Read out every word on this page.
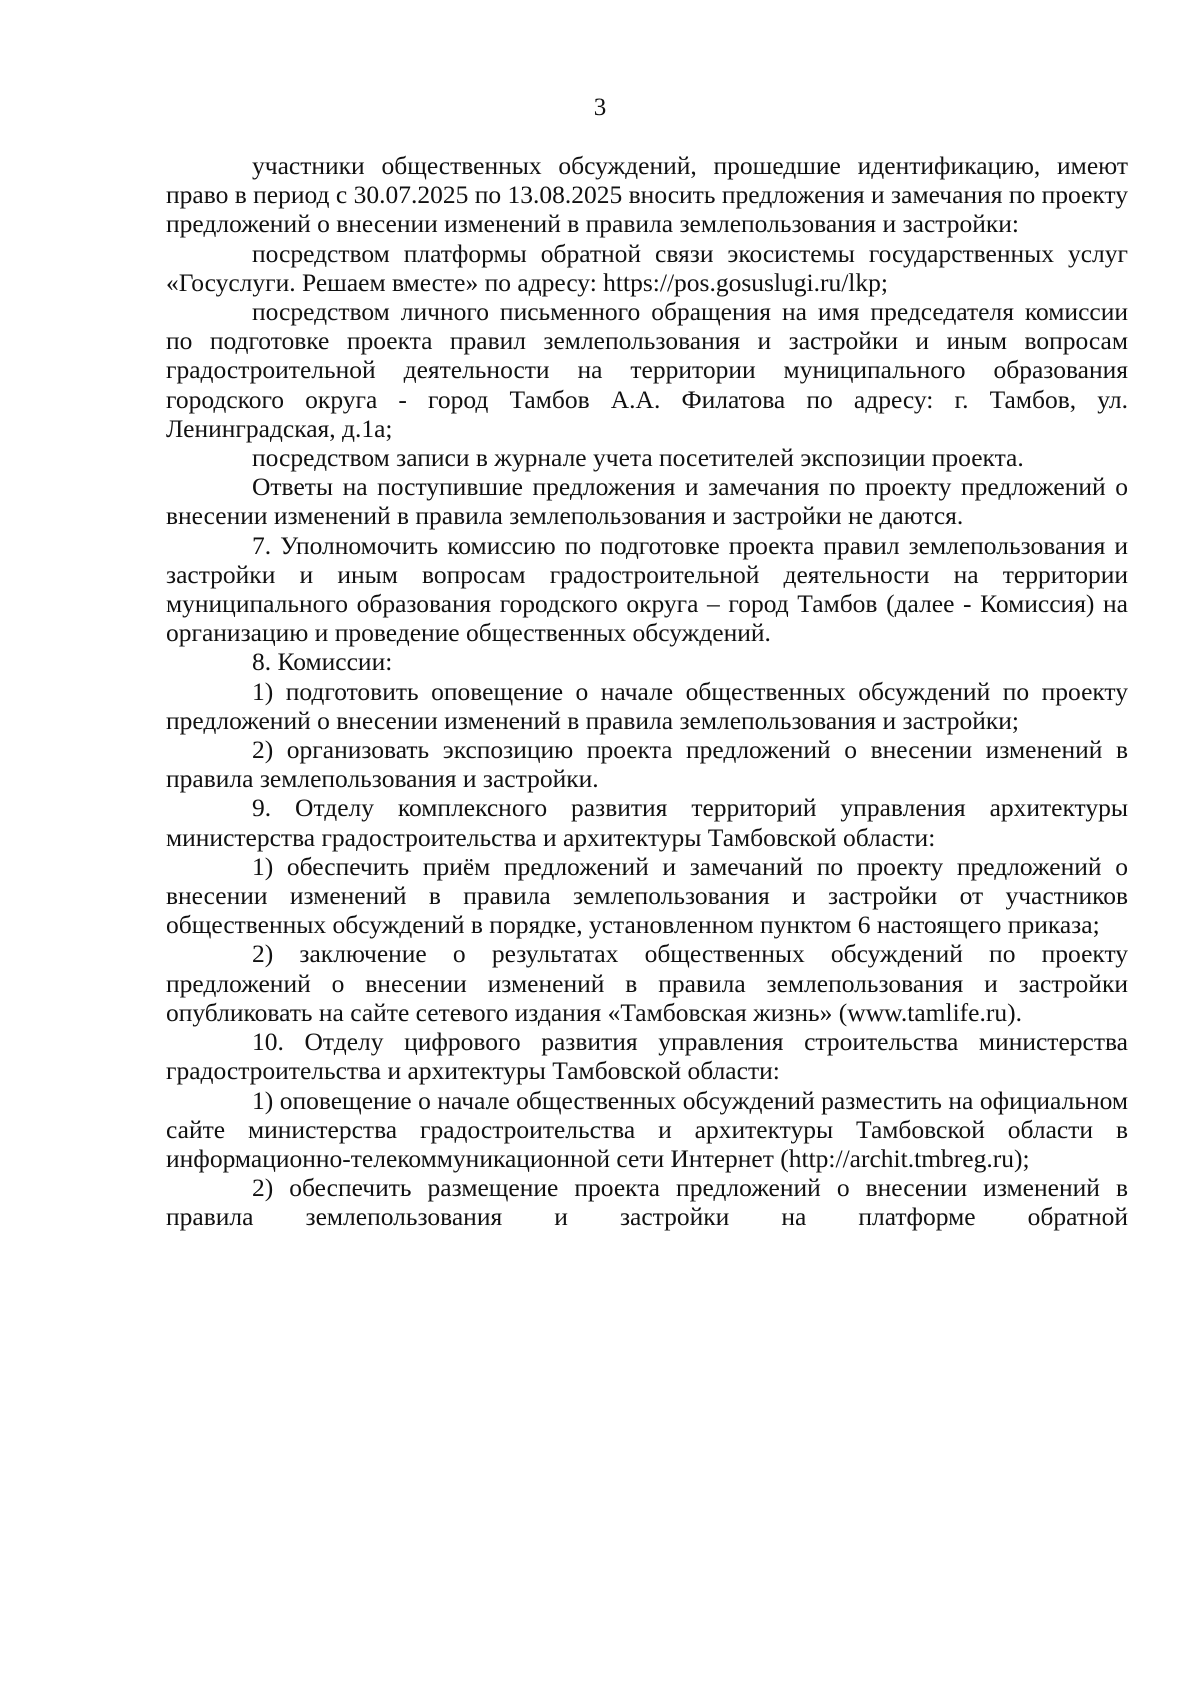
3

участники общественных обсуждений, прошедшие идентификацию, имеют право в период с 30.07.2025 по 13.08.2025 вносить предложения и замечания по проекту предложений о внесении изменений в правила землепользования и застройки:

посредством платформы обратной связи экосистемы государственных услуг «Госуслуги. Решаем вместе» по адресу: https://pos.gosuslugi.ru/lkp;

посредством личного письменного обращения на имя председателя комиссии по подготовке проекта правил землепользования и застройки и иным вопросам градостроительной деятельности на территории муниципального образования городского округа - город Тамбов А.А. Филатова по адресу: г. Тамбов, ул. Ленинградская, д.1а;

посредством записи в журнале учета посетителей экспозиции проекта.

Ответы на поступившие предложения и замечания по проекту предложений о внесении изменений в правила землепользования и застройки не даются.

7. Уполномочить комиссию по подготовке проекта правил землепользования и застройки и иным вопросам градостроительной деятельности на территории муниципального образования городского округа – город Тамбов (далее - Комиссия) на организацию и проведение общественных обсуждений.

8. Комиссии:

1) подготовить оповещение о начале общественных обсуждений по проекту предложений о внесении изменений в правила землепользования и застройки;

2) организовать экспозицию проекта предложений о внесении изменений в правила землепользования и застройки.

9. Отделу комплексного развития территорий управления архитектуры министерства градостроительства и архитектуры Тамбовской области:

1) обеспечить приём предложений и замечаний по проекту предложений о внесении изменений в правила землепользования и застройки от участников общественных обсуждений в порядке, установленном пунктом 6 настоящего приказа;

2) заключение о результатах общественных обсуждений по проекту предложений о внесении изменений в правила землепользования и застройки опубликовать на сайте сетевого издания «Тамбовская жизнь» (www.tamlife.ru).

10. Отделу цифрового развития управления строительства министерства градостроительства и архитектуры Тамбовской области:

1) оповещение о начале общественных обсуждений разместить на официальном сайте министерства градостроительства и архитектуры Тамбовской области в информационно-телекоммуникационной сети Интернет (http://archit.tmbreg.ru);

2) обеспечить размещение проекта предложений о внесении изменений в правила землепользования и застройки на платформе обратной
